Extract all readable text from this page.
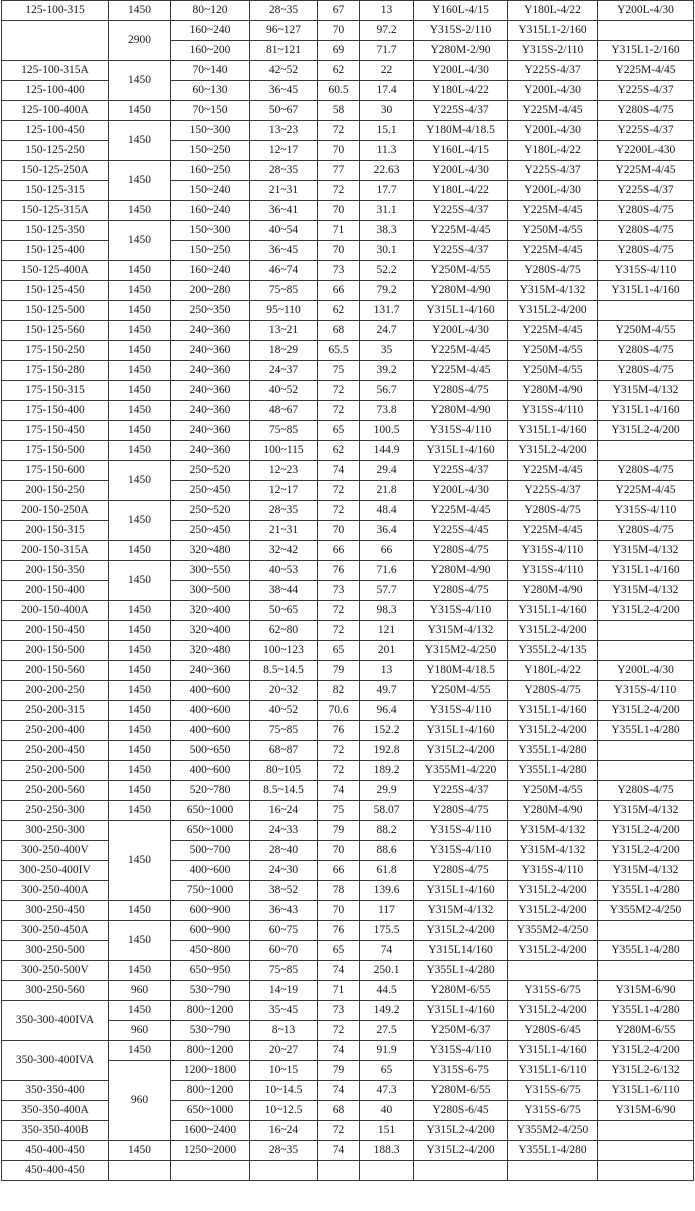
125-100-315	1450	80~120	28~35	67	13	Y160L-4/15	Y180L-4/22	Y200L-4/30
	2900	160~240	96~127	70	97.2	Y315S-2/110	Y315L1-2/160	
		160~200	81~121	69	71.7	Y280M-2/90	Y315S-2/110	Y315L1-2/160
125-100-315A	1450	70~140	42~52	62	22	Y200L-4/30	Y225S-4/37	Y225M-4/45
125-100-400		60~130	36~45	60.5	17.4	Y180L-4/22	Y200L-4/30	Y225S-4/37
125-100-400A	1450	70~150	50~67	58	30	Y225S-4/37	Y225M-4/45	Y280S-4/75
125-100-450	1450	150~300	13~23	72	15.1	Y180M-4/18.5	Y200L-4/30	Y225S-4/37
150-125-250		150~250	12~17	70	11.3	Y160L-4/15	Y180L-4/22	Y2200L-430
150-125-250A	1450	160~250	28~35	77	22.63	Y200L-4/30	Y225S-4/37	Y225M-4/45
150-125-315		150~240	21~31	72	17.7	Y180L-4/22	Y200L-4/30	Y225S-4/37
150-125-315A	1450	160~240	36~41	70	31.1	Y225S-4/37	Y225M-4/45	Y280S-4/75
150-125-350	1450	150~300	40~54	71	38.3	Y225M-4/45	Y250M-4/55	Y280S-4/75
150-125-400		150~250	36~45	70	30.1	Y225S-4/37	Y225M-4/45	Y280S-4/75
150-125-400A	1450	160~240	46~74	73	52.2	Y250M-4/55	Y280S-4/75	Y315S-4/110
150-125-450	1450	200~280	75~85	66	79.2	Y280M-4/90	Y315M-4/132	Y315L1-4/160
150-125-500	1450	250~350	95~110	62	131.7	Y315L1-4/160	Y315L2-4/200	
150-125-560	1450	240~360	13~21	68	24.7	Y200L-4/30	Y225M-4/45	Y250M-4/55
175-150-250	1450	240~360	18~29	65.5	35	Y225M-4/45	Y250M-4/55	Y280S-4/75
175-150-280	1450	240~360	24~37	75	39.2	Y225M-4/45	Y250M-4/55	Y280S-4/75
175-150-315	1450	240~360	40~52	72	56.7	Y280S-4/75	Y280M-4/90	Y315M-4/132
175-150-400	1450	240~360	48~67	72	73.8	Y280M-4/90	Y315S-4/110	Y315L1-4/160
175-150-450	1450	240~360	75~85	65	100.5	Y315S-4/110	Y315L1-4/160	Y315L2-4/200
175-150-500	1450	240~360	100~115	62	144.9	Y315L1-4/160	Y315L2-4/200	
175-150-600	1450	250~520	12~23	74	29.4	Y225S-4/37	Y225M-4/45	Y280S-4/75
200-150-250		250~450	12~17	72	21.8	Y200L-4/30	Y225S-4/37	Y225M-4/45
200-150-250A	1450	250~520	28~35	72	48.4	Y225M-4/45	Y280S-4/75	Y315S-4/110
200-150-315		250~450	21~31	70	36.4	Y225S-4/45	Y225M-4/45	Y280S-4/75
200-150-315A	1450	320~480	32~42	66	66	Y280S-4/75	Y315S-4/110	Y315M-4/132
200-150-350	1450	300~550	40~53	76	71.6	Y280M-4/90	Y315S-4/110	Y315L1-4/160
200-150-400		300~500	38~44	73	57.7	Y280S-4/75	Y280M-4/90	Y315M-4/132
200-150-400A	1450	320~400	50~65	72	98.3	Y315S-4/110	Y315L1-4/160	Y315L2-4/200
200-150-450	1450	320~400	62~80	72	121	Y315M-4/132	Y315L2-4/200	
200-150-500	1450	320~480	100~123	65	201	Y315M2-4/250	Y355L2-4/135	
200-150-560	1450	240~360	8.5~14.5	79	13	Y180M-4/18.5	Y180L-4/22	Y200L-4/30
200-200-250	1450	400~600	20~32	82	49.7	Y250M-4/55	Y280S-4/75	Y315S-4/110
250-200-315	1450	400~600	40~52	70.6	96.4	Y315S-4/110	Y315L1-4/160	Y315L2-4/200
250-200-400	1450	400~600	75~85	76	152.2	Y315L1-4/160	Y315L2-4/200	Y355L1-4/280
250-200-450	1450	500~650	68~87	72	192.8	Y315L2-4/200	Y355L1-4/280	
250-200-500	1450	400~600	80~105	72	189.2	Y355M1-4/220	Y355L1-4/280	
250-200-560	1450	520~780	8.5~14.5	74	29.9	Y225S-4/37	Y250M-4/55	Y280S-4/75
250-250-300	1450	650~1000	16~24	75	58.07	Y280S-4/75	Y280M-4/90	Y315M-4/132
300-250-300	1450	650~1000	24~33	79	88.2	Y315S-4/110	Y315M-4/132	Y315L2-4/200
300-250-400V		500~700	28~40	70	88.6	Y315S-4/110	Y315M-4/132	Y315L2-4/200
300-250-400IV		400~600	24~30	66	61.8	Y280S-4/75	Y315S-4/110	Y315M-4/132
300-250-400A		750~1000	38~52	78	139.6	Y315L1-4/160	Y315L2-4/200	Y355L1-4/280
300-250-450	1450	600~900	36~43	70	117	Y315M-4/132	Y315L2-4/200	Y355M2-4/250
300-250-450A	1450	600~900	60~75	76	175.5	Y315L2-4/200	Y355M2-4/250	
300-250-500		450~800	60~70	65	74	Y315L14/160	Y315L2-4/200	Y355L1-4/280
300-250-500V	1450	650~950	75~85	74	250.1	Y355L1-4/280		
300-250-560	960	530~790	14~19	71	44.5	Y280M-6/55	Y315S-6/75	Y315M-6/90
350-300-400IVA	1450	800~1200	35~45	73	149.2	Y315L1-4/160	Y315L2-4/200	Y355L1-4/280
	960	530~790	8~13	72	27.5	Y250M-6/37	Y280S-6/45	Y280M-6/55
350-300-400IVA	1450	800~1200	20~27	74	91.9	Y315S-4/110	Y315L1-4/160	Y315L2-4/200
	960	1200~1800	10~15	79	65	Y315S-6-75	Y315L1-6/110	Y315L2-6/132
350-350-400		800~1200	10~14.5	74	47.3	Y280M-6/55	Y315S-6/75	Y315L1-6/110
350-350-400A		650~1000	10~12.5	68	40	Y280S-6/45	Y315S-6/75	Y315M-6/90
350-350-400B		1600~2400	16~24	72	151	Y315L2-4/200	Y355M2-4/250	
450-400-450	1450	1250~2000	28~35	74	188.3	Y315L2-4/200	Y355L1-4/280	
450-400-450								
